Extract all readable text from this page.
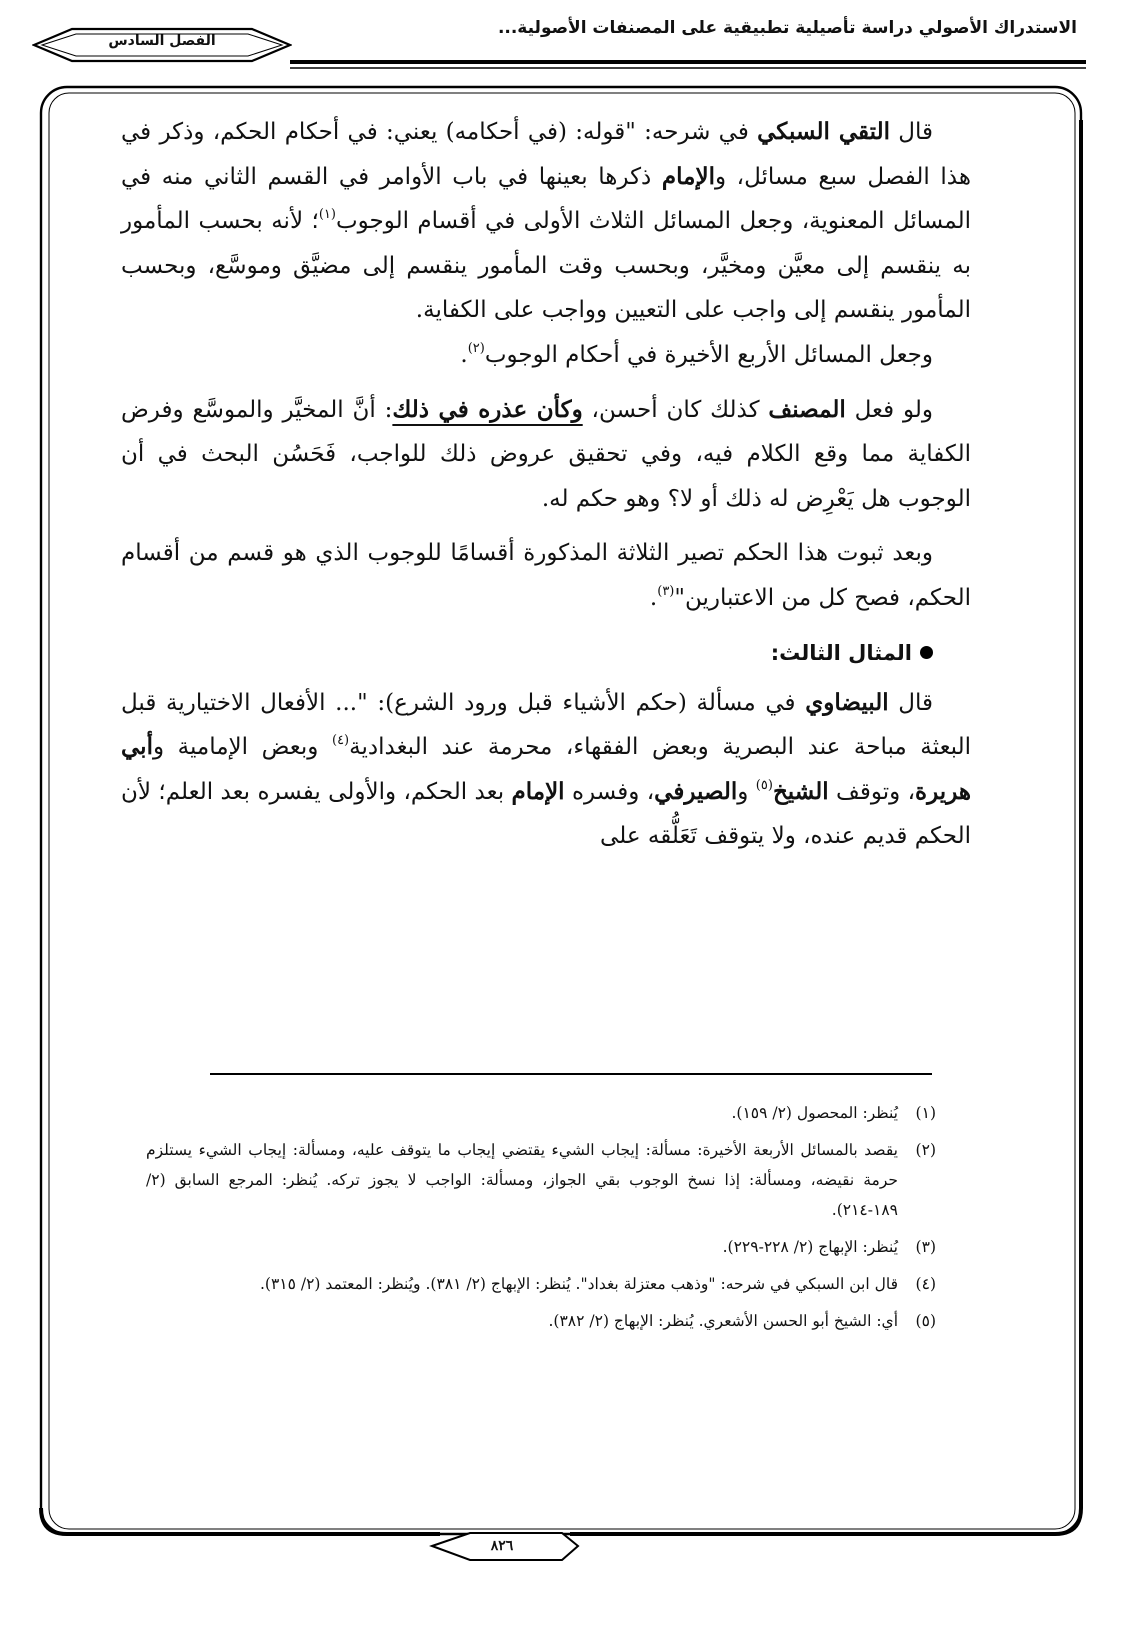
الاستدراك الأصولي دراسة تأصيلية تطبيقية على المصنفات الأصولية...
الفصل السادس

قال التقي السبكي في شرحه: "قوله: (في أحكامه) يعني: في أحكام الحكم، وذكر في هذا الفصل سبع مسائل، والإمام ذكرها بعينها في باب الأوامر في القسم الثاني منه في المسائل المعنوية، وجعل المسائل الثلاث الأولى في أقسام الوجوب$^{(١)}$؛ لأنه بحسب المأمور به ينقسم إلى معيَّن ومخيَّر، وبحسب وقت المأمور ينقسم إلى مضيَّق وموسَّع، وبحسب المأمور ينقسم إلى واجب على التعيين وواجب على الكفاية.

وجعل المسائل الأربع الأخيرة في أحكام الوجوب$^{(٢)}$.

ولو فعل المصنف كذلك كان أحسن، وكأن عذره في ذلك: أنَّ المخيَّر والموسَّع وفرض الكفاية مما وقع الكلام فيه، وفي تحقيق عروض ذلك للواجب، فَحَسُن البحث في أن الوجوب هل يَعْرِض له ذلك أو لا؟ وهو حكم له.

وبعد ثبوت هذا الحكم تصير الثلاثة المذكورة أقسامًا للوجوب الذي هو قسم من أقسام الحكم، فصح كل من الاعتبارين"$^{(٣)}$.

المثال الثالث:

قال البيضاوي في مسألة (حكم الأشياء قبل ورود الشرع): "... الأفعال الاختيارية قبل البعثة مباحة عند البصرية وبعض الفقهاء، محرمة عند البغدادية$^{(٤)}$ وبعض الإمامية وأبي هريرة، وتوقف الشيخ$^{(٥)}$ والصيرفي، وفسره الإمام بعد الحكم، والأولى يفسره بعد العلم؛ لأن الحكم قديم عنده، ولا يتوقف تَعَلُّقه على

(١)
يُنظر: المحصول (٢/ ١٥٩).
(٢)
يقصد بالمسائل الأربعة الأخيرة: مسألة: إيجاب الشيء يقتضي إيجاب ما يتوقف عليه، ومسألة: إيجاب الشيء يستلزم حرمة نقيضه، ومسألة: إذا نسخ الوجوب بقي الجواز، ومسألة: الواجب لا يجوز تركه. يُنظر: المرجع السابق (٢/ ١٨٩-٢١٤).
(٣)
يُنظر: الإبهاج (٢/ ٢٢٨-٢٢٩).
(٤)
قال ابن السبكي في شرحه: "وذهب معتزلة بغداد". يُنظر: الإبهاج (٢/ ٣٨١). ويُنظر: المعتمد (٢/ ٣١٥).
(٥)
أي: الشيخ أبو الحسن الأشعري. يُنظر: الإبهاج (٢/ ٣٨٢).
٨٢٦
